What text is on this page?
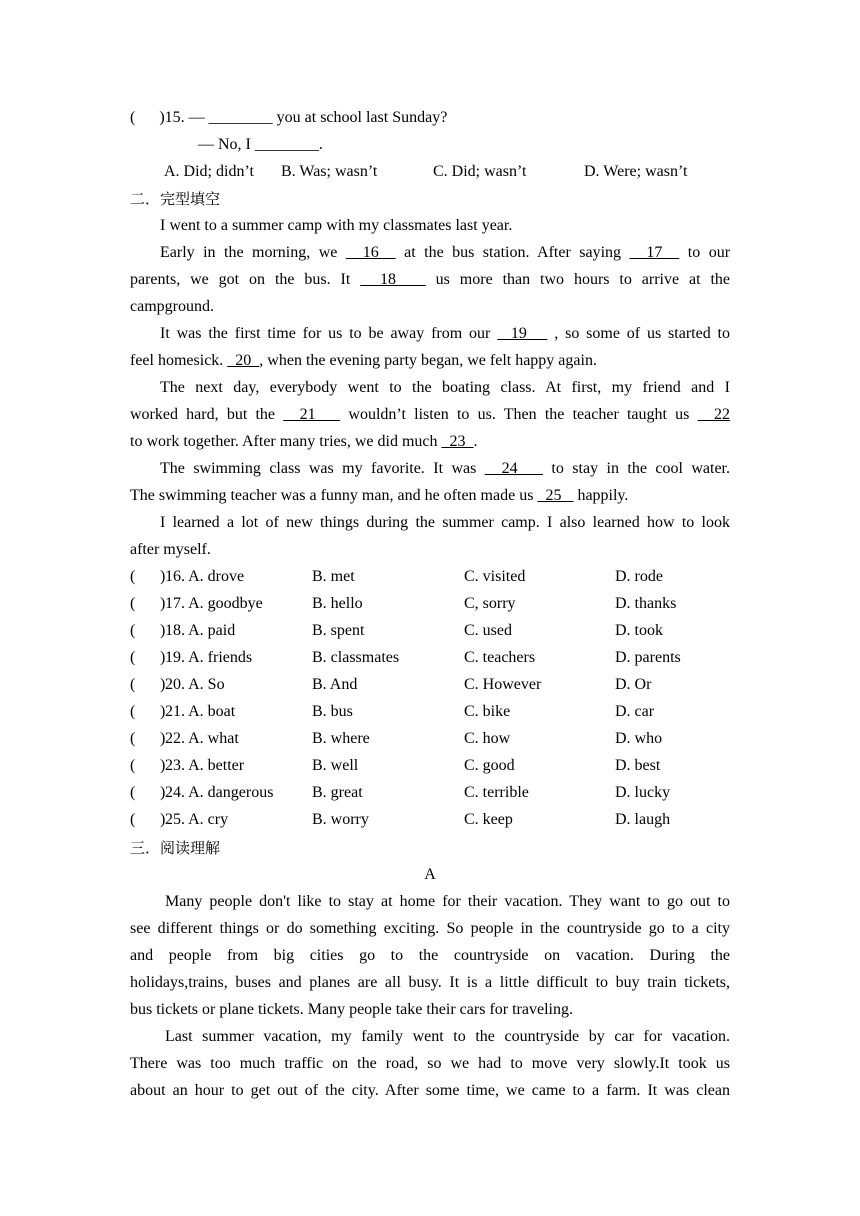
( )15. — ________ you at school last Sunday?
— No, I ________.
A. Did; didn’t B. Was; wasn’t	C. Did; wasn’t	D. Were; wasn’t
二．完型填空
I went to a summer camp with my classmates last year.
Early in the morning, we   16   at the bus station. After saying   17   to our
parents, we got on the bus. It   18    us more than two hours to arrive at the
campground.
It was the first time for us to be away from our   19    , so some of us started to
feel homesick.   20  , when the evening party began, we felt happy again.
The next day, everybody went to the boating class. At first, my friend and I
worked hard, but the   21    wouldn’t listen to us. Then the teacher taught us   22
to work together. After many tries, we did much   23  .
The swimming class was my favorite. It was   24    to stay in the cool water.
The swimming teacher was a funny man, and he often made us   25    happily.
I learned a lot of new things during the summer camp. I also learned how to look
after myself.
( ) 16. A. drove	B. met	C. visited	D. rode
( ) 17. A. goodbye	B. hello	C, sorry	D. thanks
( ) 18. A. paid	B. spent	C. used	D. took
( ) 19. A. friends	B. classmates	C. teachers	D. parents
( ) 20. A. So	B. And	C. However	D. Or
( ) 21. A. boat	B. bus	C. bike	D. car
( ) 22. A. what	B. where	C. how	D. who
( ) 23. A. better	B. well	C. good	D. best
( ) 24. A. dangerous B. great	C. terrible	D. lucky
( ) 25. A. cry	B. worry	C. keep	D. laugh
三．阅读理解
A
Many people don't like to stay at home for their vacation. They want to go out to
see different things or do something exciting. So people in the countryside go to a city
and people from big cities go to the countryside on vacation. During the
holidays,trains, buses and planes are all busy. It is a little difficult to buy train tickets,
bus tickets or plane tickets. Many people take their cars for traveling.
Last summer vacation, my family went to the countryside by car for vacation.
There was too much traffic on the road, so we had to move very slowly.It took us
about an hour to get out of the city. After some time, we came to a farm. It was clean
